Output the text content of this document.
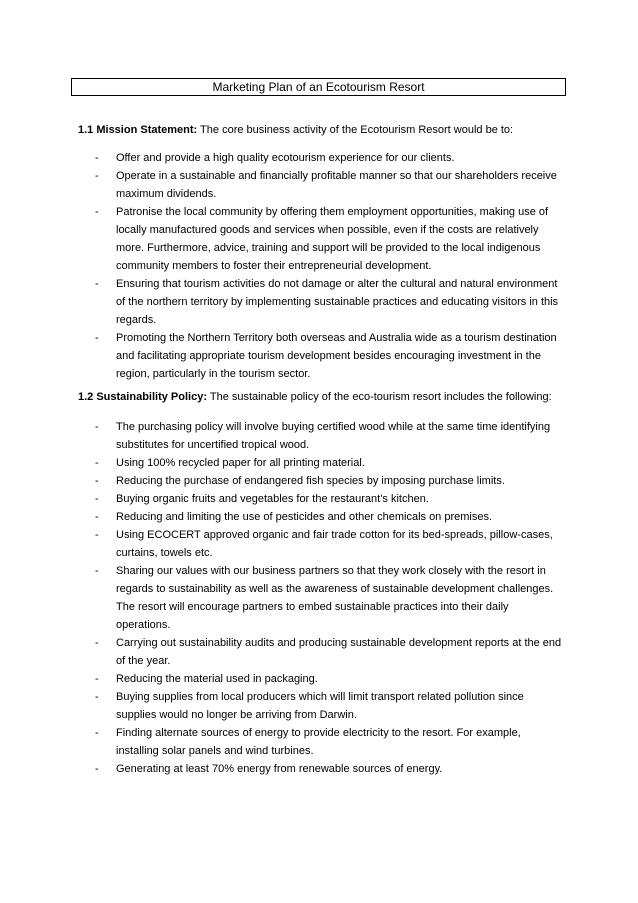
Marketing Plan of an Ecotourism Resort

1.1 Mission Statement: The core business activity of the Ecotourism Resort would be to:

- Offer and provide a high quality ecotourism experience for our clients.
- Operate in a sustainable and financially profitable manner so that our shareholders receive maximum dividends.
- Patronise the local community by offering them employment opportunities, making use of locally manufactured goods and services when possible, even if the costs are relatively more. Furthermore, advice, training and support will be provided to the local indigenous community members to foster their entrepreneurial development.
- Ensuring that tourism activities do not damage or alter the cultural and natural environment of the northern territory by implementing sustainable practices and educating visitors in this regards.
- Promoting the Northern Territory both overseas and Australia wide as a tourism destination and facilitating appropriate tourism development besides encouraging investment in the region, particularly in the tourism sector.

1.2 Sustainability Policy: The sustainable policy of the eco-tourism resort includes the following:

- The purchasing policy will involve buying certified wood while at the same time identifying substitutes for uncertified tropical wood.
- Using 100% recycled paper for all printing material.
- Reducing the purchase of endangered fish species by imposing purchase limits.
- Buying organic fruits and vegetables for the restaurant’s kitchen.
- Reducing and limiting the use of pesticides and other chemicals on premises.
- Using ECOCERT approved organic and fair trade cotton for its bed-spreads, pillow-cases, curtains, towels etc.
- Sharing our values with our business partners so that they work closely with the resort in regards to sustainability as well as the awareness of sustainable development challenges. The resort will encourage partners to embed sustainable practices into their daily operations.
- Carrying out sustainability audits and producing sustainable development reports at the end of the year.
- Reducing the material used in packaging.
- Buying supplies from local producers which will limit transport related pollution since supplies would no longer be arriving from Darwin.
- Finding alternate sources of energy to provide electricity to the resort. For example, installing solar panels and wind turbines.
- Generating at least 70% energy from renewable sources of energy.
